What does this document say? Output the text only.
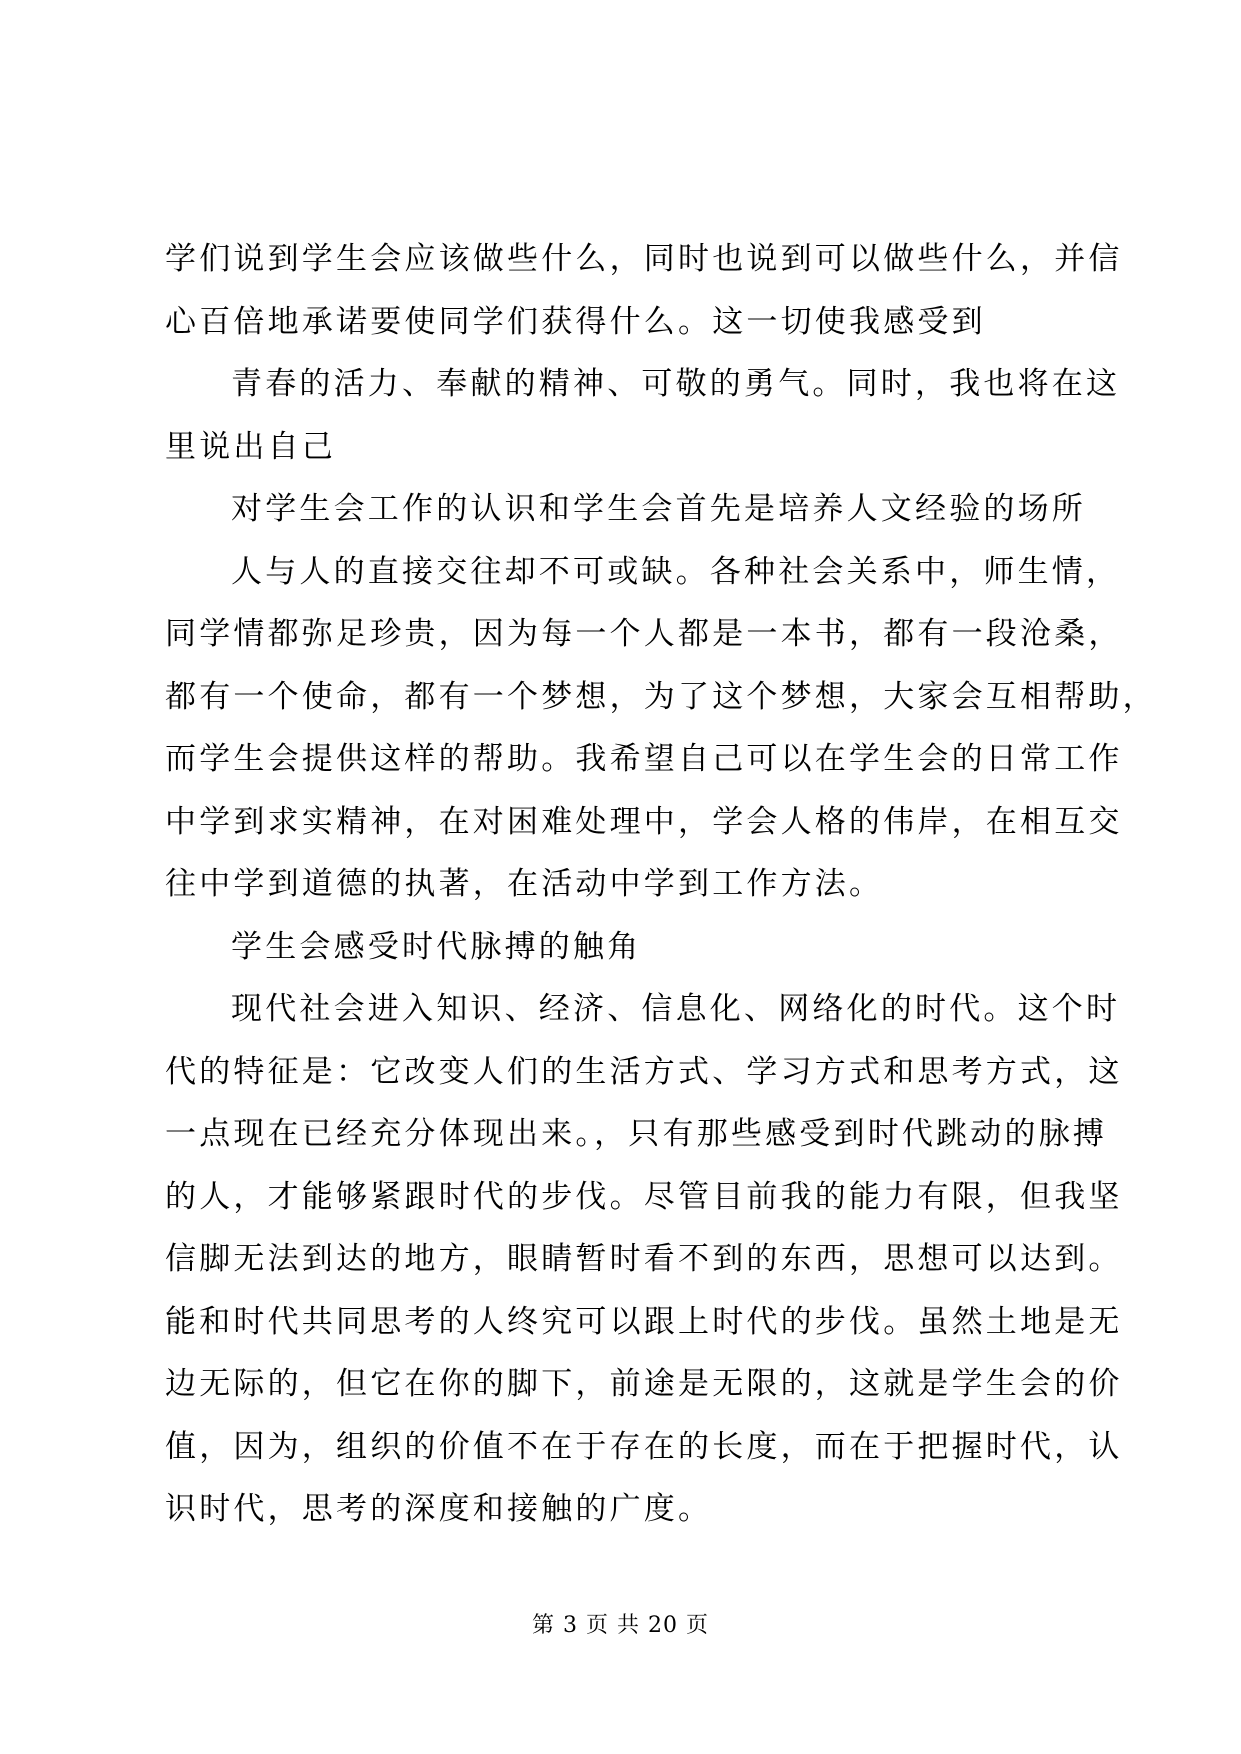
学们说到学生会应该做些什么，同时也说到可以做些什么，并信
心百倍地承诺要使同学们获得什么。这一切使我感受到
青春的活力、奉献的精神、可敬的勇气。同时，我也将在这
里说出自己
对学生会工作的认识和学生会首先是培养人文经验的场所
人与人的直接交往却不可或缺。各种社会关系中，师生情，
同学情都弥足珍贵，因为每一个人都是一本书，都有一段沧桑，
都有一个使命，都有一个梦想，为了这个梦想，大家会互相帮助，
而学生会提供这样的帮助。我希望自己可以在学生会的日常工作
中学到求实精神，在对困难处理中，学会人格的伟岸，在相互交
往中学到道德的执著，在活动中学到工作方法。
学生会感受时代脉搏的触角
现代社会进入知识、经济、信息化、网络化的时代。这个时
代的特征是：它改变人们的生活方式、学习方式和思考方式，这
一点现在已经充分体现出来。，只有那些感受到时代跳动的脉搏
的人，才能够紧跟时代的步伐。尽管目前我的能力有限，但我坚
信脚无法到达的地方，眼睛暂时看不到的东西，思想可以达到。
能和时代共同思考的人终究可以跟上时代的步伐。虽然土地是无
边无际的，但它在你的脚下，前途是无限的，这就是学生会的价
值，因为，组织的价值不在于存在的长度，而在于把握时代，认
识时代，思考的深度和接触的广度。
第 3 页 共 20 页
